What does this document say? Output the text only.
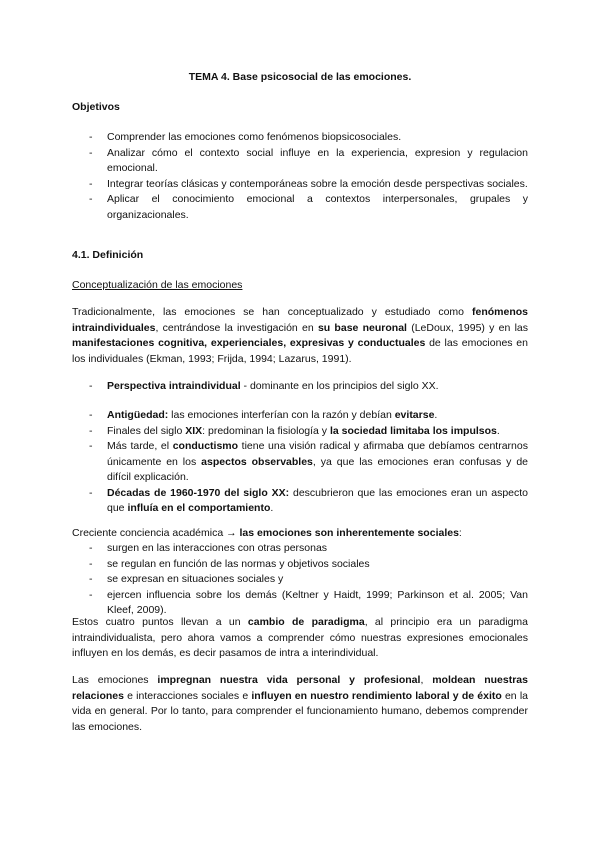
TEMA 4. Base psicosocial de las emociones.
Objetivos
- Comprender las emociones como fenómenos biopsicosociales.
- Analizar cómo el contexto social influye en la experiencia, expresion y regulacion emocional.
- Integrar teorías clásicas y contemporáneas sobre la emoción desde perspectivas sociales.
- Aplicar el conocimiento emocional a contextos interpersonales, grupales y organizacionales.
4.1. Definición
Conceptualización de las emociones
Tradicionalmente, las emociones se han conceptualizado y estudiado como fenómenos intraindividuales, centrándose la investigación en su base neuronal (LeDoux, 1995) y en las manifestaciones cognitiva, experienciales, expresivas y conductuales de las emociones en los individuales (Ekman, 1993; Frijda, 1994; Lazarus, 1991).
- Perspectiva intraindividual - dominante en los principios del siglo XX.
- Antigüedad: las emociones interferían con la razón y debían evitarse.
- Finales del siglo XIX: predominan la fisiología y la sociedad limitaba los impulsos.
- Más tarde, el conductismo tiene una visión radical y afirmaba que debíamos centrarnos únicamente en los aspectos observables, ya que las emociones eran confusas y de difícil explicación.
- Décadas de 1960-1970 del siglo XX: descubrieron que las emociones eran un aspecto que influía en el comportamiento.
Creciente conciencia académica → las emociones son inherentemente sociales:
- surgen en las interacciones con otras personas
- se regulan en función de las normas y objetivos sociales
- se expresan en situaciones sociales y
- ejercen influencia sobre los demás (Keltner y Haidt, 1999; Parkinson et al. 2005; Van Kleef, 2009).
Estos cuatro puntos llevan a un cambio de paradigma, al principio era un paradigma intraindividualista, pero ahora vamos a comprender cómo nuestras expresiones emocionales influyen en los demás, es decir pasamos de intra a interindividual.
Las emociones impregnan nuestra vida personal y profesional, moldean nuestras relaciones e interacciones sociales e influyen en nuestro rendimiento laboral y de éxito en la vida en general. Por lo tanto, para comprender el funcionamiento humano, debemos comprender las emociones.
